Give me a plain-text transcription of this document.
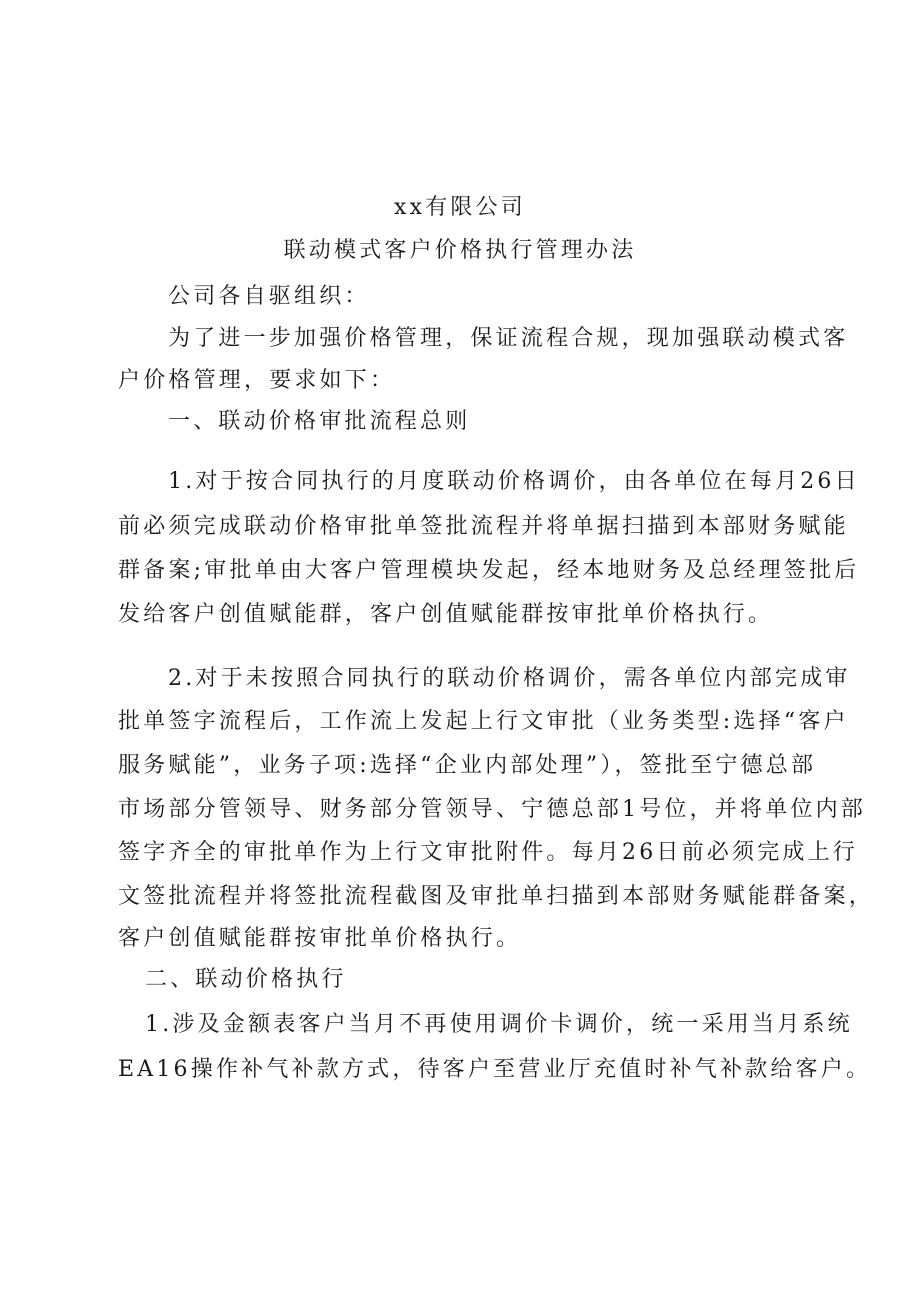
xx有限公司
联动模式客户价格执行管理办法
公司各自驱组织：
为了进一步加强价格管理，保证流程合规，现加强联动模式客
户价格管理，要求如下：
一、联动价格审批流程总则
1.对于按合同执行的月度联动价格调价，由各单位在每月26日
前必须完成联动价格审批单签批流程并将单据扫描到本部财务赋能
群备案;审批单由大客户管理模块发起，经本地财务及总经理签批后
发给客户创值赋能群，客户创值赋能群按审批单价格执行。
2.对于未按照合同执行的联动价格调价，需各单位内部完成审
批单签字流程后，工作流上发起上行文审批（业务类型:选择“客户
服务赋能”，业务子项:选择“企业内部处理”），签批至宁德总部
市场部分管领导、财务部分管领导、宁德总部1号位，并将单位内部
签字齐全的审批单作为上行文审批附件。每月26日前必须完成上行
文签批流程并将签批流程截图及审批单扫描到本部财务赋能群备案，
客户创值赋能群按审批单价格执行。
二、联动价格执行
1.涉及金额表客户当月不再使用调价卡调价，统一采用当月系统
EA16操作补气补款方式，待客户至营业厅充值时补气补款给客户。
